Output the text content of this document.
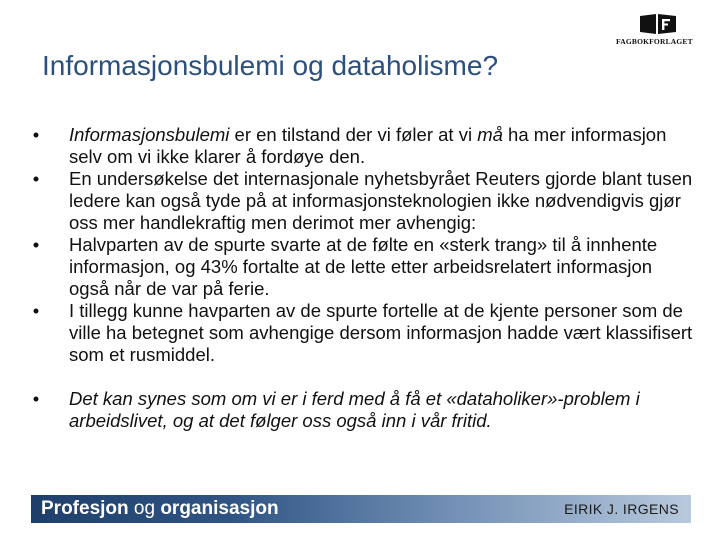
FAGBOKFORLAGET
Informasjonsbulemi og dataholisme?
•	Informasjonsbulemi er en tilstand der vi føler at vi må ha mer informasjon selv om vi ikke klarer å fordøye den.
•	En undersøkelse det internasjonale nyhetsbyrået Reuters gjorde blant tusen ledere kan også tyde på at informasjonsteknologien ikke nødvendigvis gjør oss mer handlekraftig men derimot mer avhengig:
•	Halvparten av de spurte svarte at de følte en «sterk trang» til å innhente informasjon, og 43% fortalte at de lette etter arbeidsrelatert informasjon også når de var på ferie.
•	I tillegg kunne havparten av de spurte fortelle at de kjente personer som de ville ha betegnet som avhengige dersom informasjon hadde vært klassifisert som et rusmiddel.
•	Det kan synes som om vi er i ferd med å få et «dataholiker»-problem i arbeidslivet, og at det følger oss også inn i vår fritid.
Profesjon og organisasjon	EIRIK J. IRGENS
